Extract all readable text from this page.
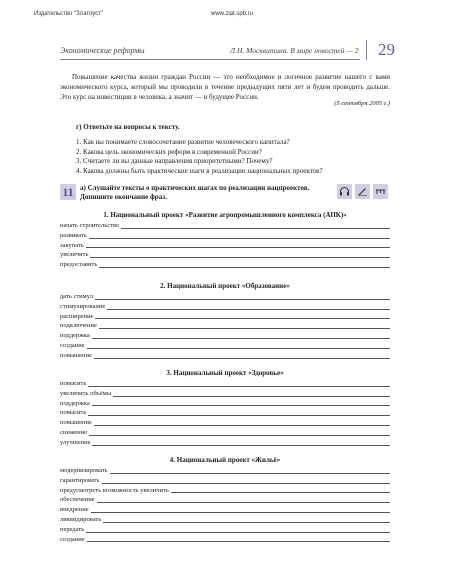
Издательство "Златоуст"	www.zlat.spb.ru
Экономические реформы	Л.Н. Москвитина. В мире новостей — 2	29
Повышение качества жизни граждан России — это необходимое и логичное развитие нашего с вами экономического курса, который мы проводили в течение предыдущих пяти лет и будем проводить дальше. Это курс на инвестиции в человека, а значит — и будущее России.
(5 сентября 2005 г.)
г) Ответьте на вопросы к тексту.
1. Как вы понимаете словосочетание развитие человеческого капитала?
2. Какова цель экономических реформ в современной России?
3. Считаете ли вы данные направления приоритетными? Почему?
4. Какова должны быть практические шаги в реализации национальных проектов?
11 а) Слушайте тексты о практических шагах по реализации нацпроектов.
Допишите окончание фраз.
1. Национальный проект «Развитие агропромышленного комплекса (АПК)»
начать строительство
развивать
закупать
увеличить
предоставить
2. Национальный проект «Образование»
дать стимул
стимулирование
расширение
подключение
поддержка
создание
повышение
3. Национальный проект «Здоровье»
повысить
увеличить объёмы
поддержка
повысить
повышение
снижение
улучшение
4. Национальный проект «Жильё»
модернизировать
гарантировать
предусмотреть возможность увеличить
обеспечение
внедрение
ликвидировать
передать
создание
